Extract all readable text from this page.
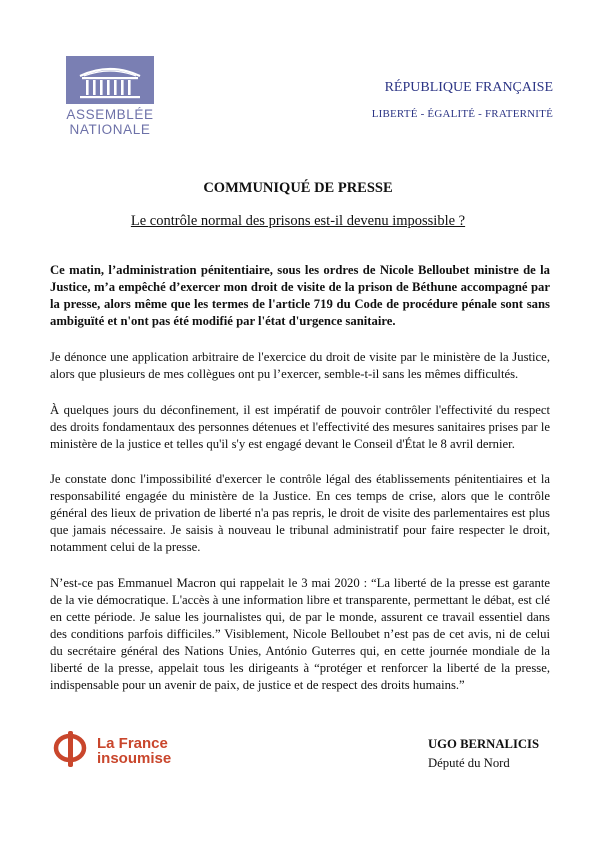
ASSEMBLÉE
NATIONALE
RÉPUBLIQUE FRANÇAISE
LIBERTÉ - ÉGALITÉ - FRATERNITÉ
COMMUNIQUÉ DE PRESSE
Le contrôle normal des prisons est-il devenu impossible ?

Ce matin, l’administration pénitentiaire, sous les ordres de Nicole Belloubet ministre de la Justice, m’a empêché d’exercer mon droit de visite de la prison de Béthune accompagné par la presse, alors même que les termes de l'article 719 du Code de procédure pénale sont sans ambiguïté et n'ont pas été modifié par l'état d'urgence sanitaire.

Je dénonce une application arbitraire de l'exercice du droit de visite par le ministère de la Justice, alors que plusieurs de mes collègues ont pu l’exercer, semble-t-il sans les mêmes difficultés.

À quelques jours du déconfinement, il est impératif de pouvoir contrôler l'effectivité du respect des droits fondamentaux des personnes détenues et l'effectivité des mesures sanitaires prises par le ministère de la justice et telles qu'il s'y est engagé devant le Conseil d'État le 8 avril dernier.

Je constate donc l'impossibilité d'exercer le contrôle légal des établissements pénitentiaires et la responsabilité engagée du ministère de la Justice. En ces temps de crise, alors que le contrôle général des lieux de privation de liberté n'a pas repris, le droit de visite des parlementaires est plus que jamais nécessaire. Je saisis à nouveau le tribunal administratif pour faire respecter le droit, notamment celui de la presse.

N’est-ce pas Emmanuel Macron qui rappelait le 3 mai 2020 : “La liberté de la presse est garante de la vie démocratique. L'accès à une information libre et transparente, permettant le débat, est clé en cette période. Je salue les journalistes qui, de par le monde, assurent ce travail essentiel dans des conditions parfois difficiles.” Visiblement, Nicole Belloubet n’est pas de cet avis, ni de celui du secrétaire général des Nations Unies, António Guterres qui, en cette journée mondiale de la liberté de la presse, appelait tous les dirigeants à “protéger et renforcer la liberté de la presse, indispensable pour un avenir de paix, de justice et de respect des droits humains.”

La France
insoumise
UGO BERNALICIS
Député du Nord
